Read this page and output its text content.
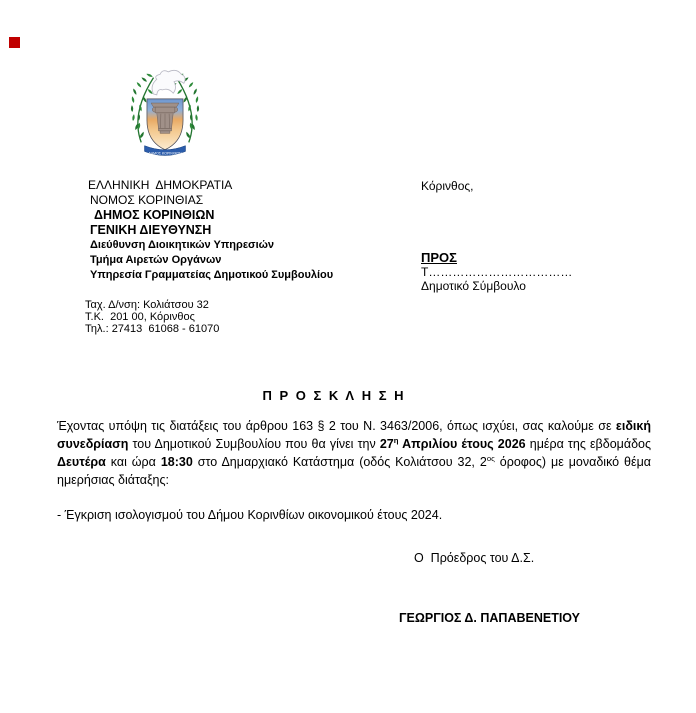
ΔΗΜΟΣ ΚΟΡΙΝΘΙΩΝ
ΕΛΛΗΝΙΚΗ  ΔΗΜΟΚΡΑΤΙΑ
ΝΟΜΟΣ ΚΟΡΙΝΘΙΑΣ
ΔΗΜΟΣ ΚΟΡΙΝΘΙΩΝ
ΓΕΝΙΚΗ ΔΙΕΥΘΥΝΣΗ
Διεύθυνση Διοικητικών Υπηρεσιών
Τμήμα Αιρετών Οργάνων
Υπηρεσία Γραμματείας Δημοτικού Συμβουλίου
Κόρινθος,
Ταχ. Δ/νση: Κολιάτσου 32
Τ.Κ.  201 00, Κόρινθος
Τηλ.: 27413  61068 - 61070
ΠΡΟΣ
Τ………………………………
Δημοτικό Σύμβουλο
Π Ρ Ο Σ Κ Λ Η Σ Η
Έχοντας υπόψη τις διατάξεις του άρθρου 163 § 2 του Ν. 3463/2006, όπως ισχύει, σας καλούμε σε ειδική συνεδρίαση του Δημοτικού Συμβουλίου που θα γίνει την $27^\eta$ Απριλίου έτους 2026 ημέρα της εβδομάδος Δευτέρα και ώρα 18:30 στο Δημαρχιακό Κατάστημα (οδός Κολιάτσου 32, $2^{o\varsigma}$ όροφος) με μοναδικό θέμα ημερήσιας διάταξης:
- Έγκριση ισολογισμού του Δήμου Κορινθίων οικονομικού έτους 2024.
Ο  Πρόεδρος του Δ.Σ.
ΓΕΩΡΓΙΟΣ Δ. ΠΑΠΑΒΕΝΕΤΙΟΥ
